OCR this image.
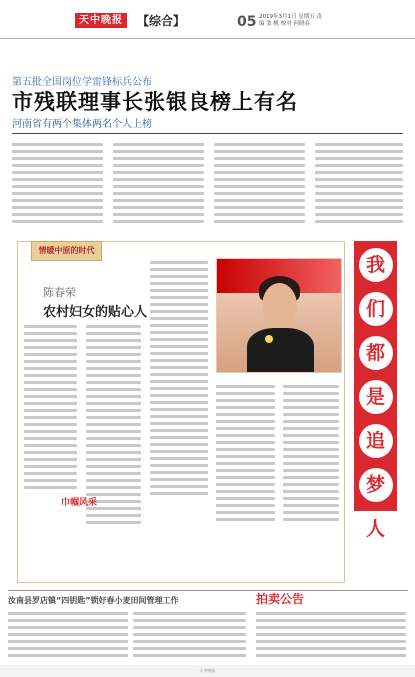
天中晚报	【综合】	05 2019年3月1日 星期五 责编 张 帆 校对 何晓春
第五批全国岗位学雷锋标兵公布
市残联理事长张银良榜上有名
河南省有两个集体两名个人上榜
情暖中原的时代
陈春荣
农村妇女的贴心人
我
们
都
是
追
梦
人
巾帼风采
汝南县罗店镇“四钥匙”锁好春小麦田间管理工作	拍卖公告
天中晚报
